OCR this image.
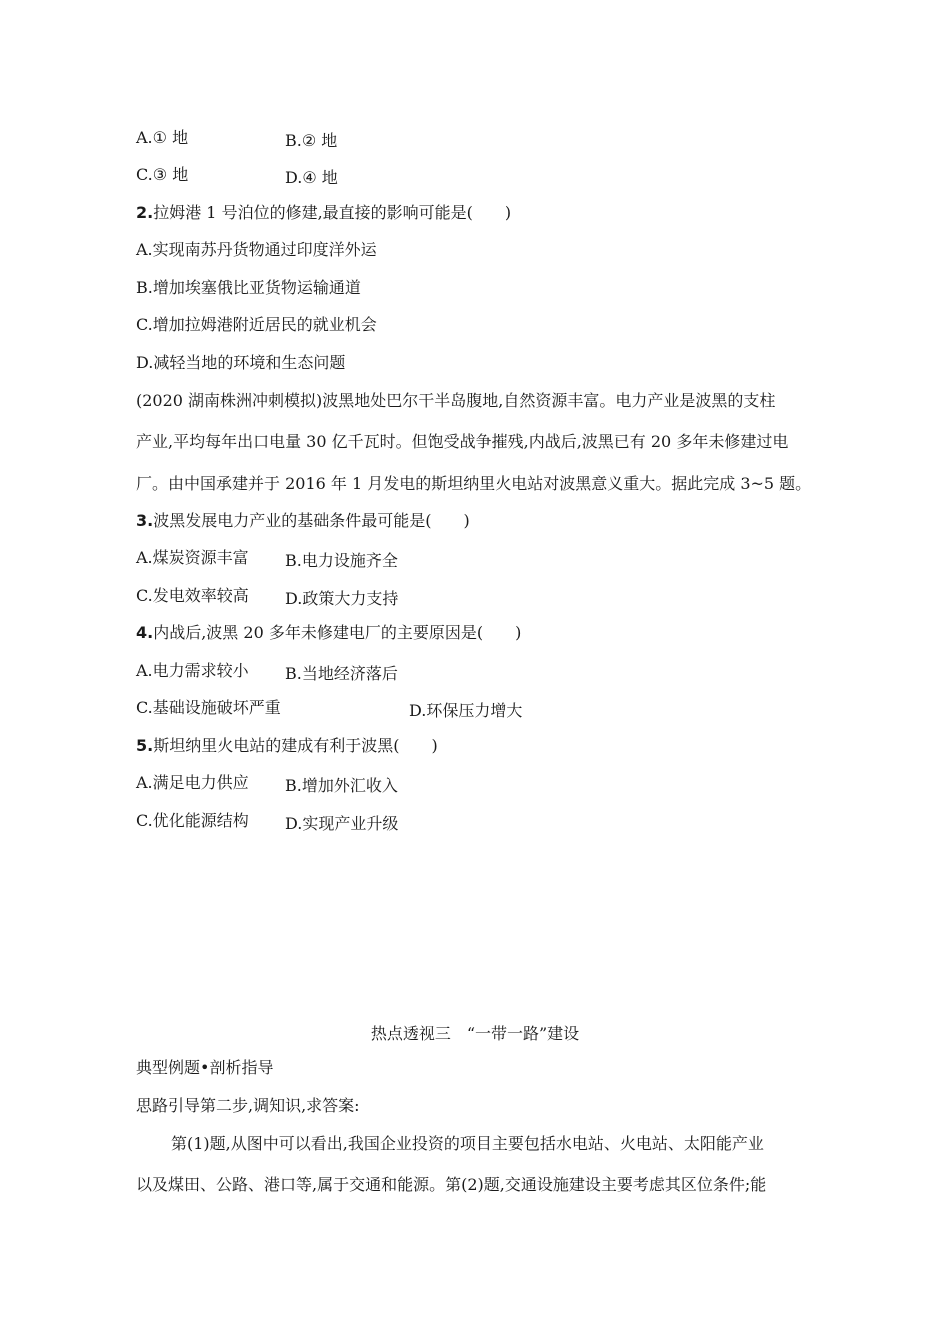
A.① 地	B.② 地
C.③ 地	D.④ 地
2.拉姆港 1 号泊位的修建,最直接的影响可能是(　　)
A.实现南苏丹货物通过印度洋外运
B.增加埃塞俄比亚货物运输通道
C.增加拉姆港附近居民的就业机会
D.减轻当地的环境和生态问题
(2020 湖南株洲冲刺模拟)波黑地处巴尔干半岛腹地,自然资源丰富。电力产业是波黑的支柱
产业,平均每年出口电量 30 亿千瓦时。但饱受战争摧残,内战后,波黑已有 20 多年未修建过电
厂。由中国承建并于 2016 年 1 月发电的斯坦纳里火电站对波黑意义重大。据此完成 3~5 题。
3.波黑发展电力产业的基础条件最可能是(　　)
A.煤炭资源丰富 B.电力设施齐全
C.发电效率较高 D.政策大力支持
4.内战后,波黑 20 多年未修建电厂的主要原因是(　　)
A.电力需求较小 B.当地经济落后
C.基础设施破坏严重	D.环保压力增大
5.斯坦纳里火电站的建成有利于波黑(　　)
A.满足电力供应 B.增加外汇收入
C.优化能源结构 D.实现产业升级
热点透视三　“一带一路”建设
典型例题•剖析指导
思路引导第二步,调知识,求答案:
第(1)题,从图中可以看出,我国企业投资的项目主要包括水电站、火电站、太阳能产业
以及煤田、公路、港口等,属于交通和能源。第(2)题,交通设施建设主要考虑其区位条件;能
